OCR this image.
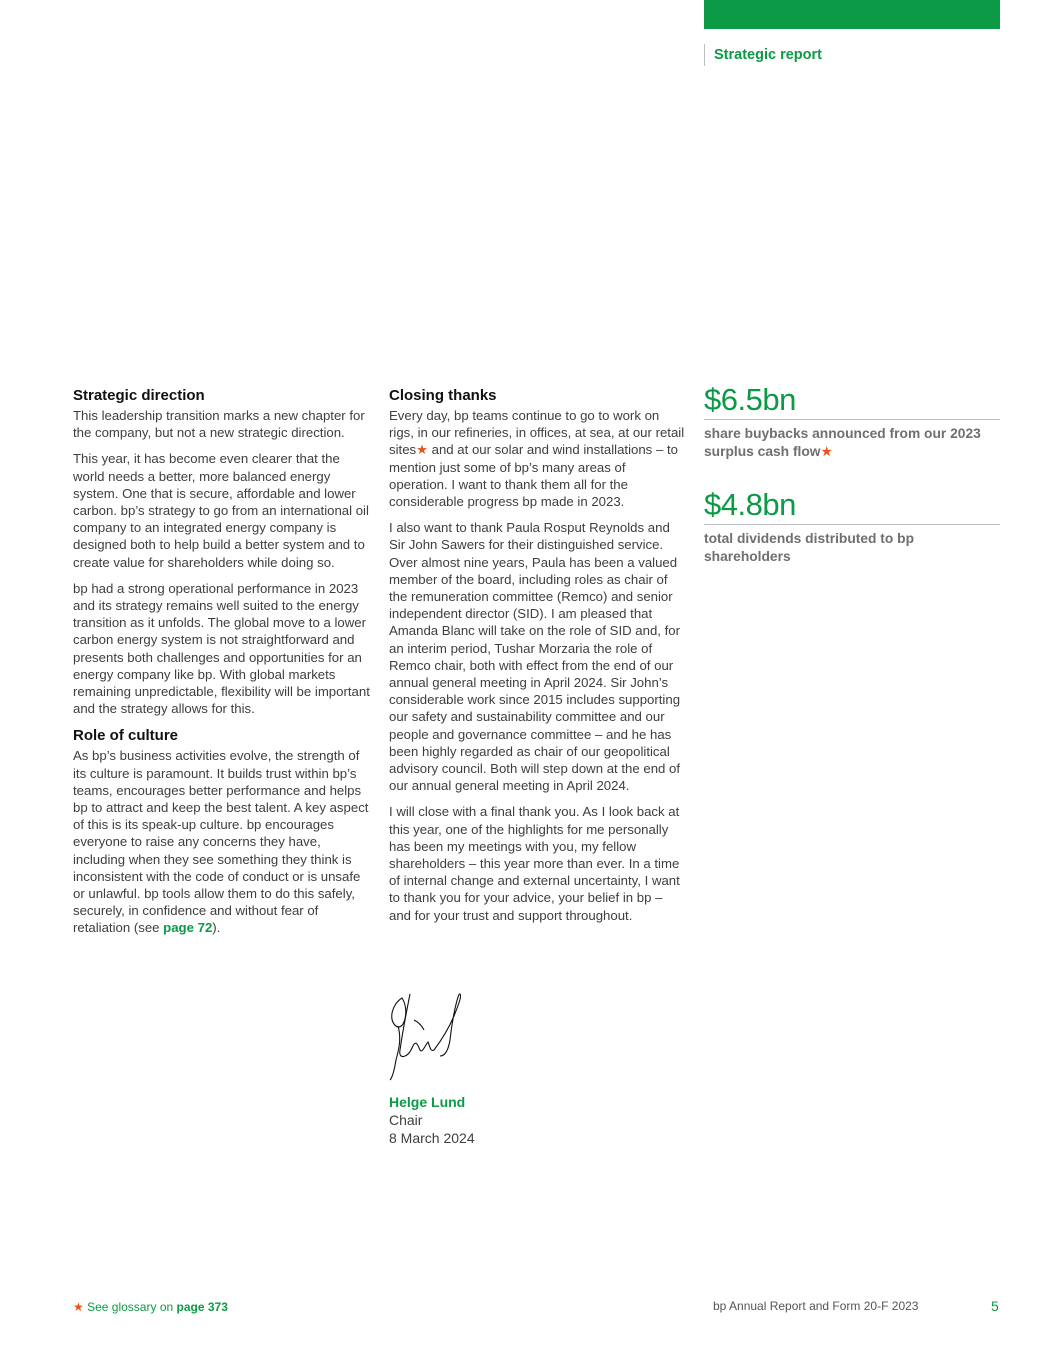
Strategic report
Strategic direction

This leadership transition marks a new chapter for the company, but not a new strategic direction.

This year, it has become even clearer that the world needs a better, more balanced energy system. One that is secure, affordable and lower carbon. bp’s strategy to go from an international oil company to an integrated energy company is designed both to help build a better system and to create value for shareholders while doing so.

bp had a strong operational performance in 2023 and its strategy remains well suited to the energy transition as it unfolds. The global move to a lower carbon energy system is not straightforward and presents both challenges and opportunities for an energy company like bp. With global markets remaining unpredictable, flexibility will be important and the strategy allows for this.

Role of culture

As bp’s business activities evolve, the strength of its culture is paramount. It builds trust within bp’s teams, encourages better performance and helps bp to attract and keep the best talent. A key aspect of this is its speak-up culture. bp encourages everyone to raise any concerns they have, including when they see something they think is inconsistent with the code of conduct or is unsafe or unlawful. bp tools allow them to do this safely, securely, in confidence and without fear of retaliation (see page 72).

Closing thanks

Every day, bp teams continue to go to work on rigs, in our refineries, in offices, at sea, at our retail sites★ and at our solar and wind installations – to mention just some of bp’s many areas of operation. I want to thank them all for the considerable progress bp made in 2023.

I also want to thank Paula Rosput Reynolds and Sir John Sawers for their distinguished service. Over almost nine years, Paula has been a valued member of the board, including roles as chair of the remuneration committee (Remco) and senior independent director (SID). I am pleased that Amanda Blanc will take on the role of SID and, for an interim period, Tushar Morzaria the role of Remco chair, both with effect from the end of our annual general meeting in April 2024. Sir John’s considerable work since 2015 includes supporting our safety and sustainability committee and our people and governance committee – and he has been highly regarded as chair of our geopolitical advisory council. Both will step down at the end of our annual general meeting in April 2024.

I will close with a final thank you. As I look back at this year, one of the highlights for me personally has been my meetings with you, my fellow shareholders – this year more than ever. In a time of internal change and external uncertainty, I want to thank you for your advice, your belief in bp – and for your trust and support throughout.

Helge Lund
Chair
8 March 2024
$6.5bn
share buybacks announced from our 2023 surplus cash flow★
$4.8bn
total dividends distributed to bp shareholders
★ See glossary on page 373	bp Annual Report and Form 20-F 2023	5
